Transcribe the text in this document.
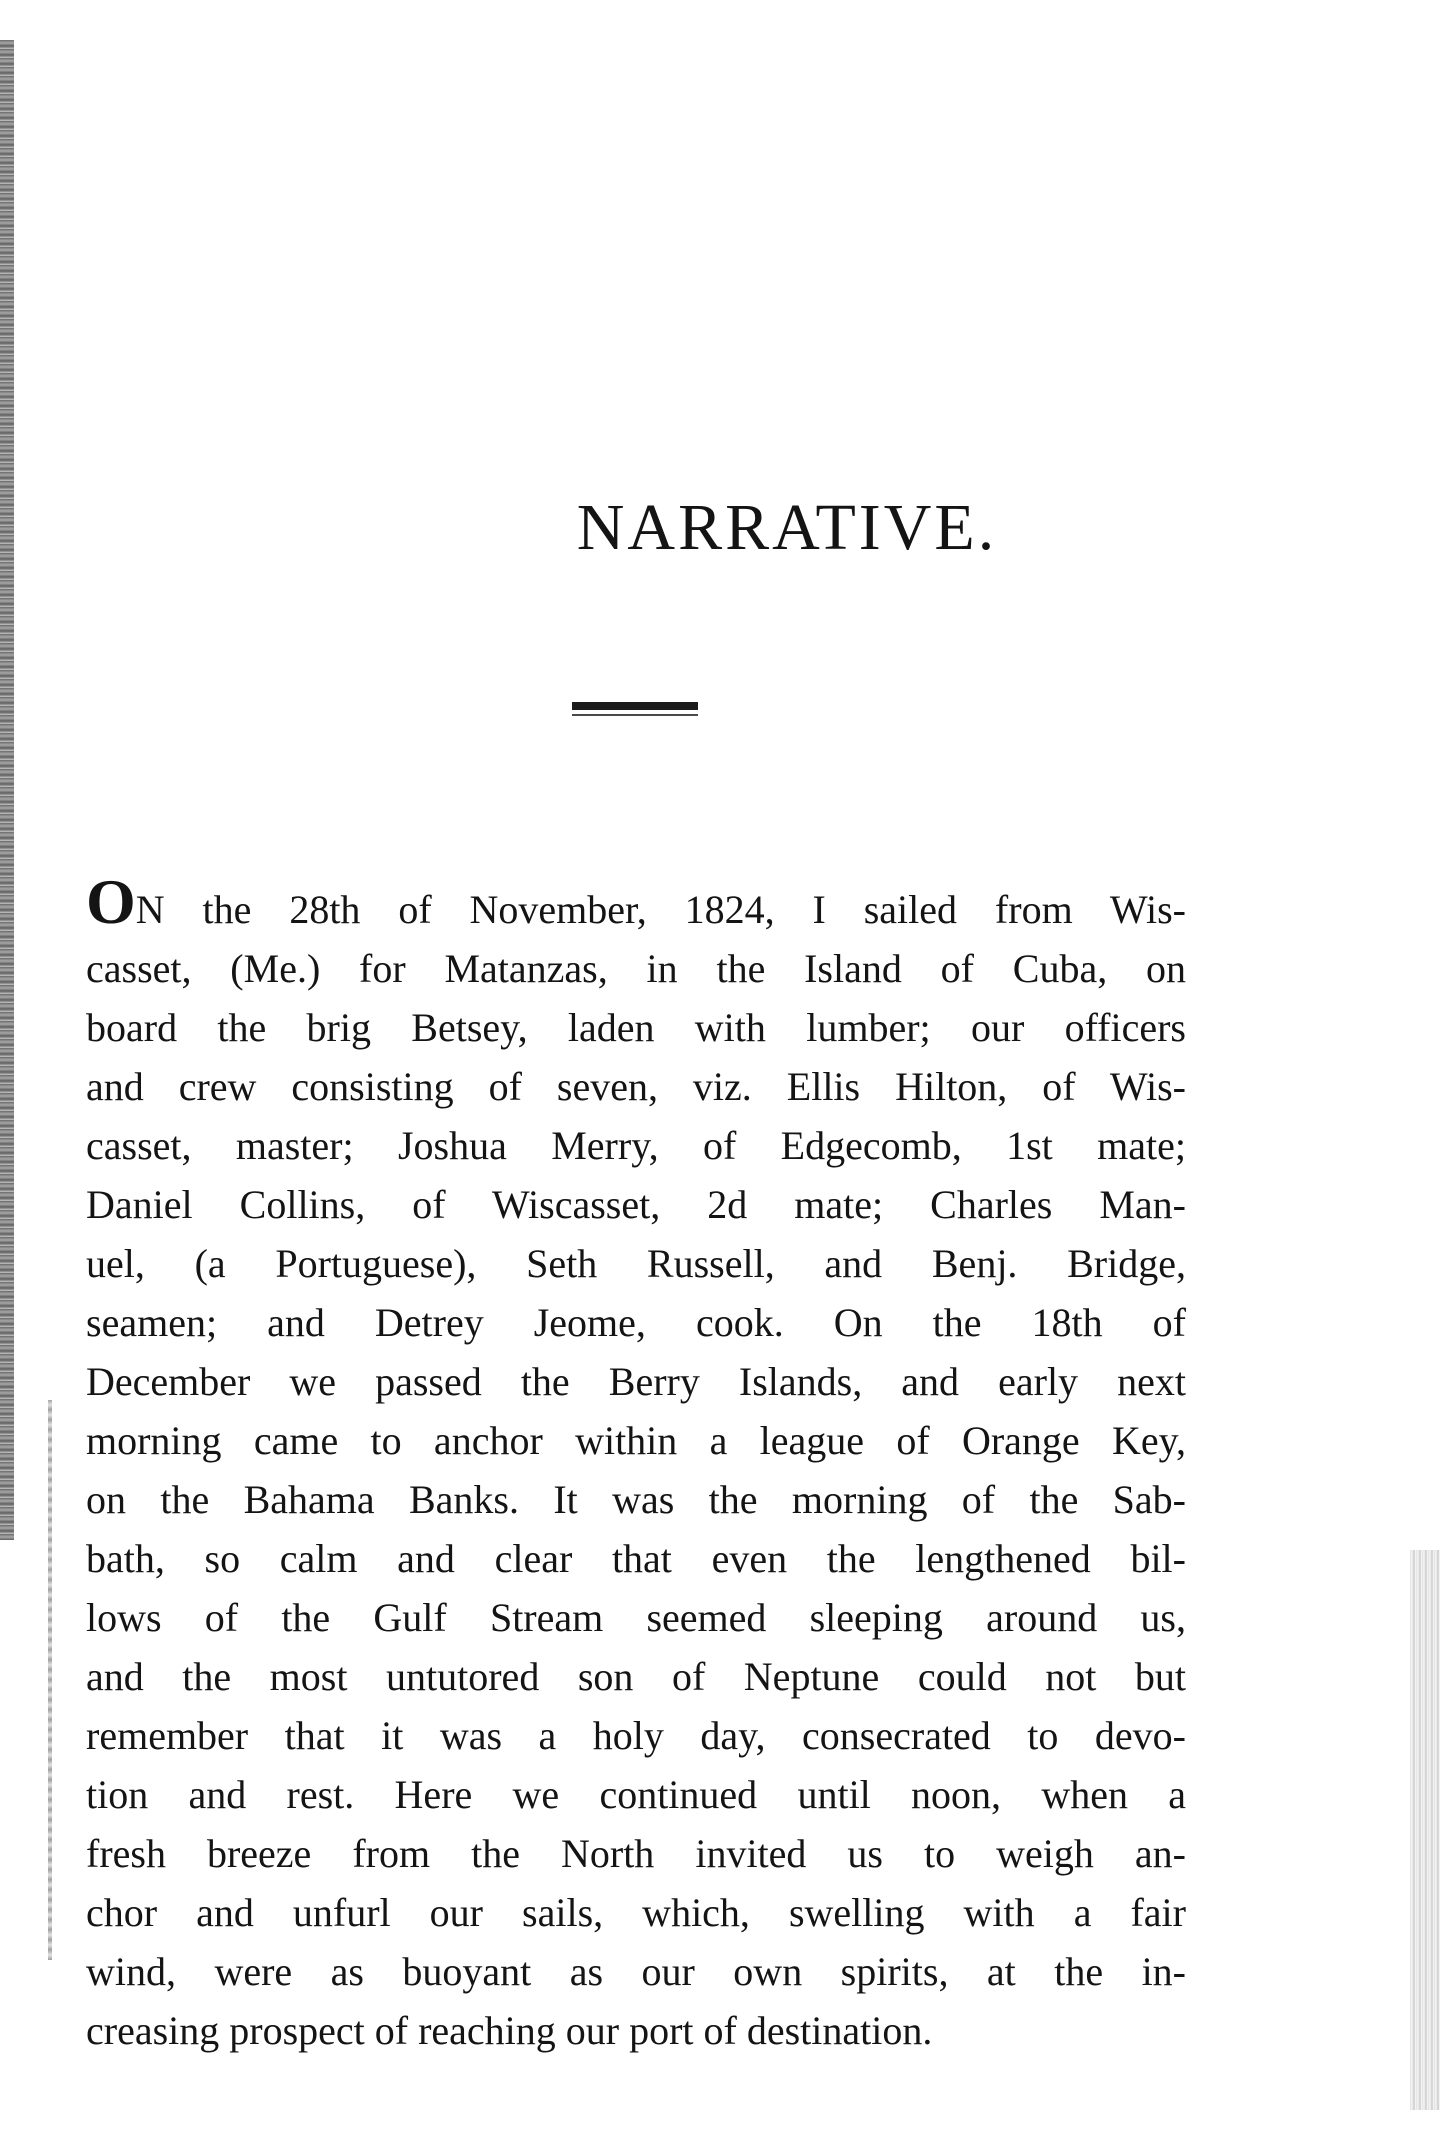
NARRATIVE.
ON the 28th of November, 1824, I sailed from Wis-
casset, (Me.) for Matanzas, in the Island of Cuba, on
board the brig Betsey, laden with lumber; our officers
and crew consisting of seven, viz. Ellis Hilton, of Wis-
casset, master; Joshua Merry, of Edgecomb, 1st mate;
Daniel Collins, of Wiscasset, 2d mate; Charles Man-
uel, (a Portuguese), Seth Russell, and Benj. Bridge,
seamen; and Detrey Jeome, cook. On the 18th of
December we passed the Berry Islands, and early next
morning came to anchor within a league of Orange Key,
on the Bahama Banks. It was the morning of the Sab-
bath, so calm and clear that even the lengthened bil-
lows of the Gulf Stream seemed sleeping around us,
and the most untutored son of Neptune could not but
remember that it was a holy day, consecrated to devo-
tion and rest. Here we continued until noon, when a
fresh breeze from the North invited us to weigh an-
chor and unfurl our sails, which, swelling with a fair
wind, were as buoyant as our own spirits, at the in-
creasing prospect of reaching our port of destination.
